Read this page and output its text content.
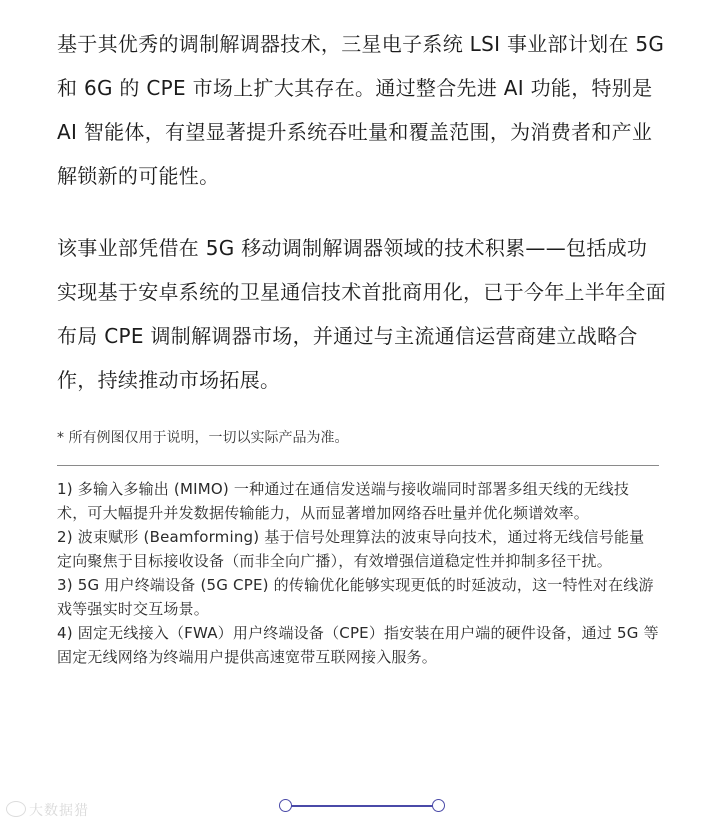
基于其优秀的调制解调器技术，三星电子系统 LSI 事业部计划在 5G 和 6G 的 CPE 市场上扩大其存在。通过整合先进 AI 功能，特别是 AI 智能体，有望显著提升系统吞吐量和覆盖范围，为消费者和产业解锁新的可能性。

该事业部凭借在 5G 移动调制解调器领域的技术积累——包括成功实现基于安卓系统的卫星通信技术首批商用化，已于今年上半年全面布局 CPE 调制解调器市场，并通过与主流通信运营商建立战略合作，持续推动市场拓展。

* 所有例图仅用于说明，一切以实际产品为准。

1) 多输入多输出 (MIMO) 一种通过在通信发送端与接收端同时部署多组天线的无线技术，可大幅提升并发数据传输能力，从而显著增加网络吞吐量并优化频谱效率。

2) 波束赋形 (Beamforming) 基于信号处理算法的波束导向技术，通过将无线信号能量定向聚焦于目标接收设备（而非全向广播），有效增强信道稳定性并抑制多径干扰。

3) 5G 用户终端设备 (5G CPE) 的传输优化能够实现更低的时延波动，这一特性对在线游戏等强实时交互场景。

4) 固定无线接入（FWA）用户终端设备（CPE）指安装在用户端的硬件设备，通过 5G 等固定无线网络为终端用户提供高速宽带互联网接入服务。

大数据猎
